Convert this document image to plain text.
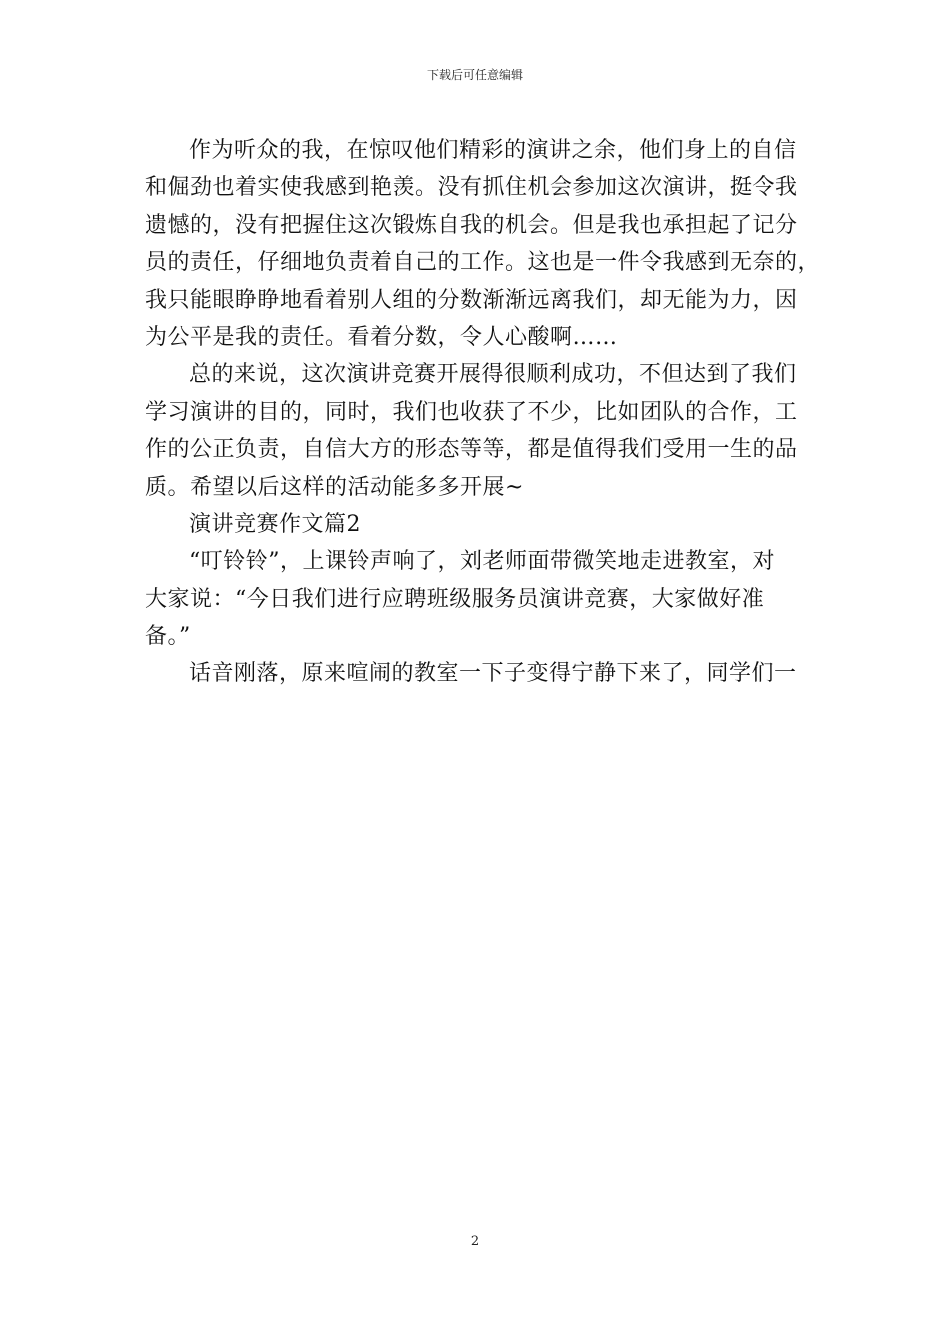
下载后可任意编辑
作为听众的我，在惊叹他们精彩的演讲之余，他们身上的自信
和倔劲也着实使我感到艳羡。没有抓住机会参加这次演讲，挺令我
遗憾的，没有把握住这次锻炼自我的机会。但是我也承担起了记分
员的责任，仔细地负责着自己的工作。这也是一件令我感到无奈的，
我只能眼睁睁地看着别人组的分数渐渐远离我们，却无能为力，因
为公平是我的责任。看着分数，令人心酸啊……
总的来说，这次演讲竞赛开展得很顺利成功，不但达到了我们
学习演讲的目的，同时，我们也收获了不少，比如团队的合作，工
作的公正负责，自信大方的形态等等，都是值得我们受用一生的品
质。希望以后这样的活动能多多开展~
演讲竞赛作文篇2
“叮铃铃”，上课铃声响了，刘老师面带微笑地走进教室，对
大家说：“今日我们进行应聘班级服务员演讲竞赛，大家做好准
备。”
话音刚落，原来喧闹的教室一下子变得宁静下来了，同学们一
2
